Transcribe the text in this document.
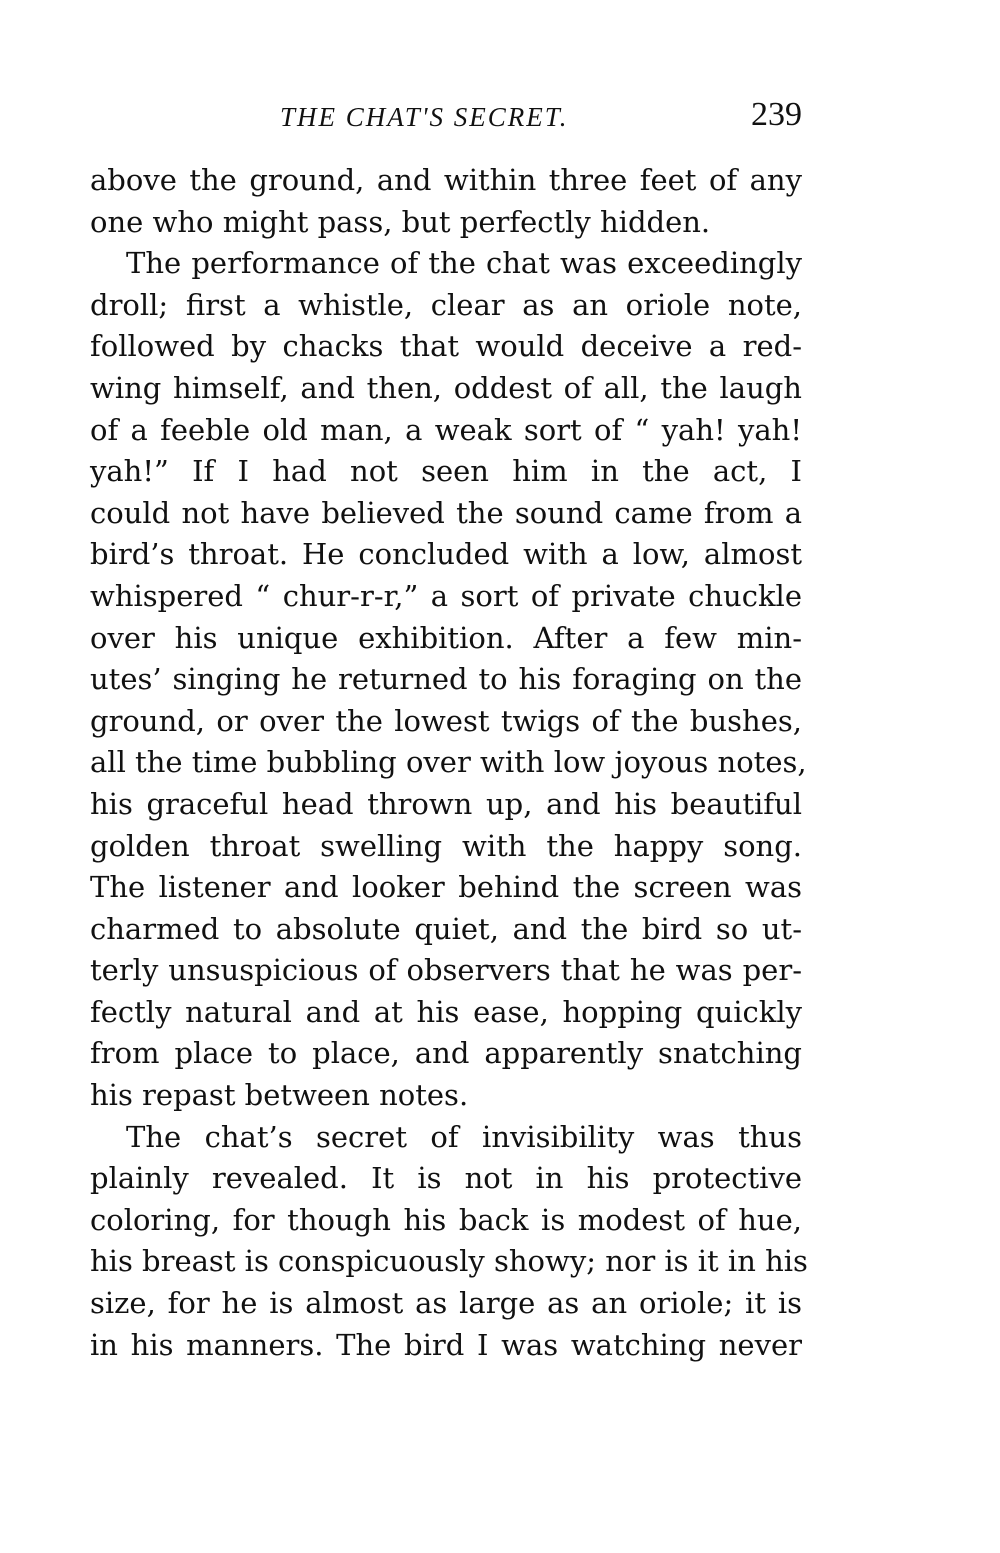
THE CHAT'S SECRET.	239
above the ground, and within three feet of any
one who might pass, but perfectly hidden.
The performance of the chat was exceedingly
droll; first a whistle, clear as an oriole note,
followed by chacks that would deceive a red-
wing himself, and then, oddest of all, the laugh
of a feeble old man, a weak sort of “ yah! yah!
yah!” If I had not seen him in the act, I
could not have believed the sound came from a
bird’s throat. He concluded with a low, almost
whispered “ chur-r-r,” a sort of private chuckle
over his unique exhibition. After a few min-
utes’ singing he returned to his foraging on the
ground, or over the lowest twigs of the bushes,
all the time bubbling over with low joyous notes,
his graceful head thrown up, and his beautiful
golden throat swelling with the happy song.
The listener and looker behind the screen was
charmed to absolute quiet, and the bird so ut-
terly unsuspicious of observers that he was per-
fectly natural and at his ease, hopping quickly
from place to place, and apparently snatching
his repast between notes.
The chat’s secret of invisibility was thus
plainly revealed. It is not in his protective
coloring, for though his back is modest of hue,
his breast is conspicuously showy; nor is it in his
size, for he is almost as large as an oriole; it is
in his manners. The bird I was watching never
